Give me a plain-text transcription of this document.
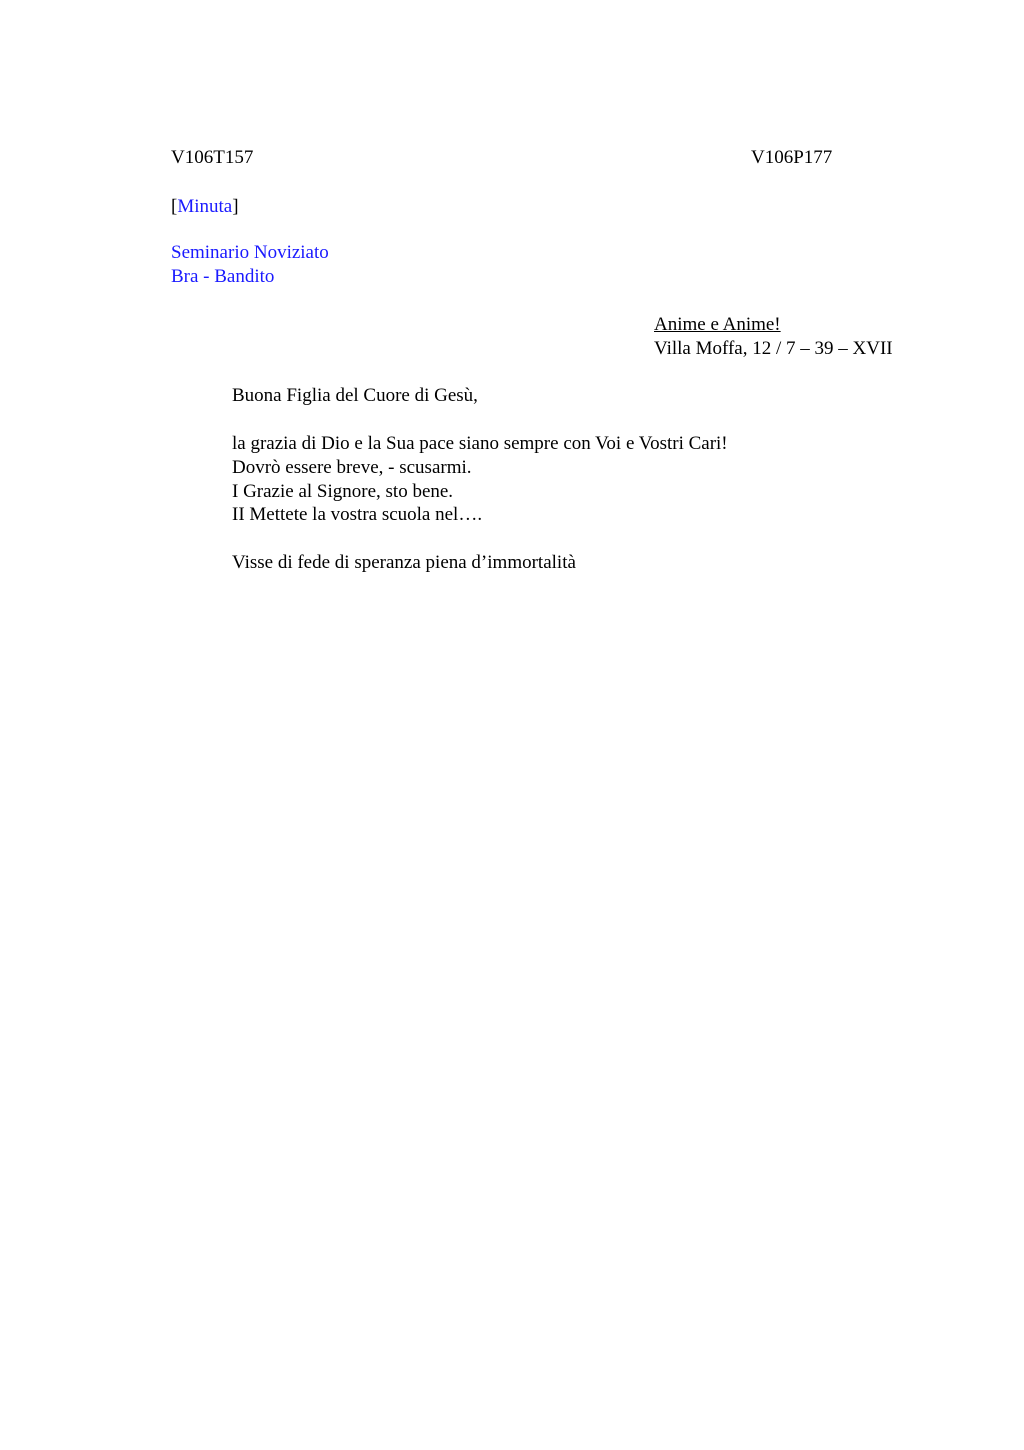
V106T157	V106P177
[Minuta]
Seminario Noviziato
Bra - Bandito
Anime e Anime!
Villa Moffa, 12 / 7 – 39 – XVII
Buona Figlia del Cuore di Gesù,
la grazia di Dio e la Sua pace siano sempre con Voi e Vostri Cari!
Dovrò essere breve, - scusarmi.
I Grazie al Signore, sto bene.
II Mettete la vostra scuola nel….
Visse di fede di speranza piena d’immortalità
